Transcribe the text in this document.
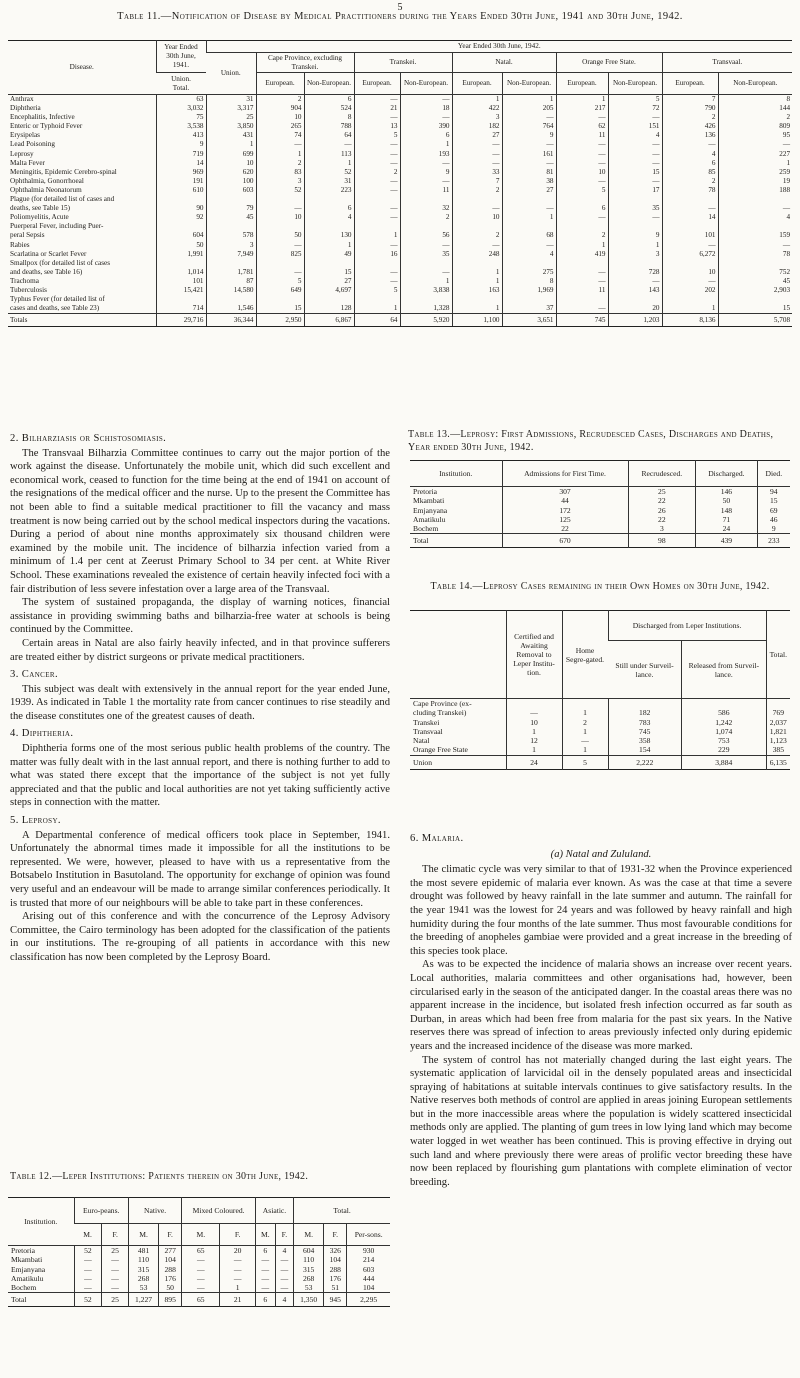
5
Table 11.—Notification of Disease by Medical Practitioners during the Years Ended 30th June, 1941 and 30th June, 1942.
Disease.	Year Ended 30th June, 1941.	Year Ended 30th June, 1942.										
		Union.	Cape Province, excluding Transkei.		Transkei.		Natal.		Orange Free State.		Transvaal.	
	Union.
Total.		European.	Non-European.	European.	Non-European.	European.	Non-European.	European.	Non-European.	European.	Non-European.
Anthrax	63	31	2	6	—	—	1	1	1	5	7	8
Diphtheria	3,032	3,317	904	524	21	18	422	205	217	72	790	144
Encephalitis, Infective	75	25	10	8	—	—	3	—	—	—	2	2
Enteric or Typhoid Fever	3,538	3,850	265	788	13	390	182	764	62	151	426	809
Erysipelas	413	431	74	64	5	6	27	9	11	4	136	95
Lead Poisoning	9	1	—	—	—	1	—	—	—	—	—	—
Leprosy	719	699	1	113	—	193	—	161	—	—	4	227
Malta Fever	14	10	2	1	—	—	—	—	—	—	6	1
Meningitis, Epidemic Cerebro-spinal	969	620	83	52	2	9	33	81	10	15	85	259
Ophthalmia, Gonorrhoeal	191	100	3	31	—	—	7	38	—	—	2	19
Ophthalmia Neonatorum	610	603	52	223	—	11	2	27	5	17	78	188
Plague (for detailed list of cases and												
deaths, see Table 15)	90	79	—	6	—	32	—	—	6	35	—	—
Poliomyelitis, Acute	92	45	10	4	—	2	10	1	—	—	14	4
Puerperal Fever, including Puer-												
peral Sepsis	604	578	50	130	1	56	2	68	2	9	101	159
Rabies	50	3	—	1	—	—	—	—	1	1	—	—
Scarlatina or Scarlet Fever	1,991	7,949	825	49	16	35	248	4	419	3	6,272	78
Smallpox (for detailed list of cases												
and deaths, see Table 16)	1,014	1,781	—	15	—	—	1	275	—	728	10	752
Trachoma	101	87	5	27	—	1	1	8	—	—	—	45
Tuberculosis	15,421	14,580	649	4,697	5	3,838	163	1,969	11	143	202	2,903
Typhus Fever (for detailed list of												
cases and deaths, see Table 23)	714	1,546	15	128	1	1,328	1	37	—	20	1	15
Totals	29,716	36,344	2,950	6,867	64	5,920	1,100	3,651	745	1,203	8,136	5,708
2. Bilharziasis or Schistosomiasis.

The Transvaal Bilharzia Committee continues to carry out the major portion of the work against the disease. Unfortunately the mobile unit, which did such excellent and economical work, ceased to function for the time being at the end of 1941 on account of the resignations of the medical officer and the nurse. Up to the present the Committee has not been able to find a suitable medical practitioner to fill the vacancy and mass treatment is now being carried out by the school medical inspectors during the vacations. During a period of about nine months approximately six thousand children were examined by the mobile unit. The incidence of bilharzia infection varied from a minimum of 1.4 per cent at Zeerust Primary School to 34 per cent. at White River School. These examinations revealed the existence of certain heavily infected foci with a fair distribution of less severe infestation over a large area of the Transvaal.

The system of sustained propaganda, the display of warning notices, financial assistance in providing swimming baths and bilharzia-free water at schools is being continued by the Committee.

Certain areas in Natal are also fairly heavily infected, and in that province sufferers are treated either by district surgeons or private medical practitioners.

3. Cancer.

This subject was dealt with extensively in the annual report for the year ended June, 1939. As indicated in Table 1 the mortality rate from cancer continues to rise steadily and the disease constitutes one of the greatest causes of death.

4. Diphtheria.

Diphtheria forms one of the most serious public health problems of the country. The matter was fully dealt with in the last annual report, and there is nothing further to add to what was stated there except that the importance of the subject is not yet fully appreciated and that the public and local authorities are not yet taking sufficiently active steps in connection with the matter.

5. Leprosy.

A Departmental conference of medical officers took place in September, 1941. Unfortunately the abnormal times made it impossible for all the institutions to be represented. We were, however, pleased to have with us a representative from the Botsabelo Institution in Basutoland. The opportunity for exchange of opinion was found very useful and an endeavour will be made to arrange similar conferences periodically. It is trusted that more of our neighbours will be able to take part in these conferences.

Arising out of this conference and with the concurrence of the Leprosy Advisory Committee, the Cairo terminology has been adopted for the classification of the patients in our institutions. The re-grouping of all patients in accordance with this new classification has now been completed by the Leprosy Board.

Table 12.—Leper Institutions: Patients therein on 30th June, 1942.
Institution.	Euro-peans.		Native.		Mixed Coloured.		Asiatic.		Total.		
	M.	F.	M.	F.	M.	F.	M.	F.	M.	F.	Per-sons.
Pretoria	52	25	481	277	65	20	6	4	604	326	930
Mkambati	—	—	110	104	—	—	—	—	110	104	214
Emjanyana	—	—	315	288	—	—	—	—	315	288	603
Amatikulu	—	—	268	176	—	—	—	—	268	176	444
Bochem	—	—	53	50	—	1	—	—	53	51	104
Total	52	25	1,227	895	65	21	6	4	1,350	945	2,295
Table 13.—Leprosy: First Admissions, Recrudesced Cases, Discharges and Deaths, Year ended 30th June, 1942.
Institution.	Admissions for First Time.	Recrudesced.	Discharged.	Died.
Pretoria	307	25	146	94
Mkambati	44	22	50	15
Emjanyana	172	26	148	69
Amatikulu	125	22	71	46
Bochem	22	3	24	9
Total	670	98	439	233
Table 14.—Leprosy Cases remaining in their Own Homes on 30th June, 1942.
	Certified and Awaiting Removal to Leper Institu-tion.	Home Segre-gated.	Discharged from Leper Institutions.		Total.
			Still under Surveil-lance.	Released from Surveil-lance.	
Cape Province (ex-					
cluding Transkei)	—	1	182	586	769
Transkei	10	2	783	1,242	2,037
Transvaal	1	1	745	1,074	1,821
Natal	12	—	358	753	1,123
Orange Free State	1	1	154	229	385
Union	24	5	2,222	3,884	6,135
6. Malaria.
(a) Natal and Zululand.

The climatic cycle was very similar to that of 1931-32 when the Province experienced the most severe epidemic of malaria ever known. As was the case at that time a severe drought was followed by heavy rainfall in the late summer and autumn. The rainfall for the year 1941 was the lowest for 24 years and was followed by heavy rainfall and high humidity during the four months of the late summer. Thus most favourable conditions for the breeding of anopheles gambiae were provided and a great increase in the breeding of this species took place.

As was to be expected the incidence of malaria shows an increase over recent years. Local authorities, malaria committees and other organisations had, however, been circularised early in the season of the anticipated danger. In the coastal areas there was no apparent increase in the incidence, but isolated fresh infection occurred as far south as Durban, in areas which had been free from malaria for the past six years. In the Native reserves there was spread of infection to areas previously infected only during epidemic years and the increased incidence of the disease was more marked.

The system of control has not materially changed during the last eight years. The systematic application of larvicidal oil in the densely populated areas and insecticidal spraying of habitations at suitable intervals continues to give satisfactory results. In the Native reserves both methods of control are applied in areas joining European settlements but in the more inaccessible areas where the population is widely scattered insecticidal methods only are applied. The planting of gum trees in low lying land which may become water logged in wet weather has been continued. This is proving effective in drying out such land and where previously there were areas of prolific vector breeding these have now been replaced by flourishing gum plantations with complete elimination of vector breeding.
